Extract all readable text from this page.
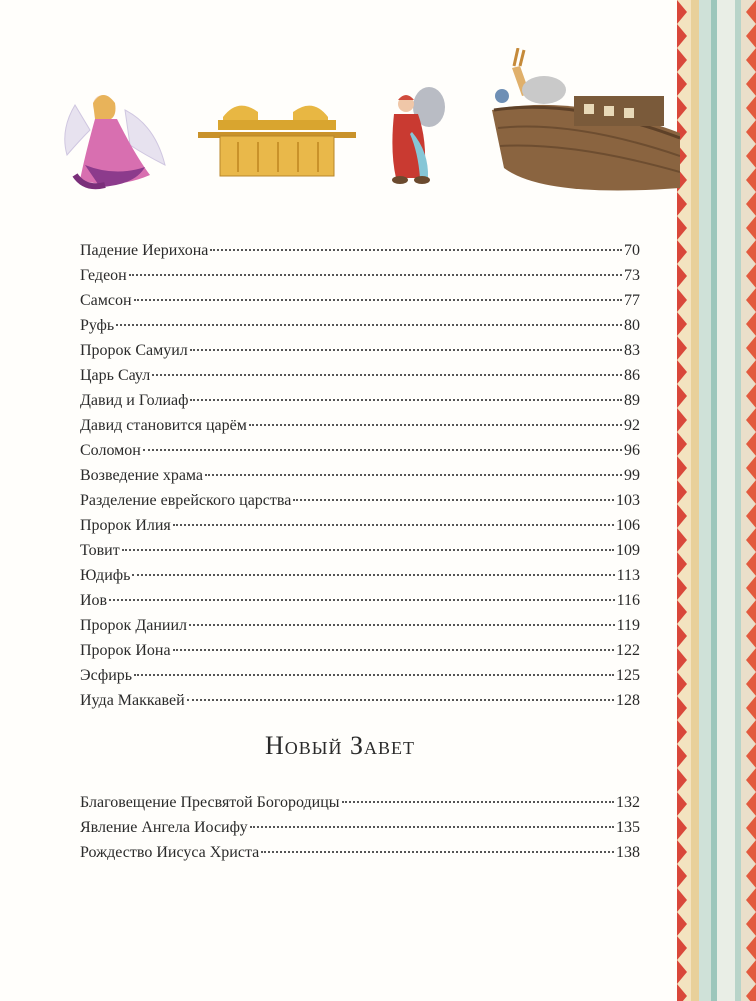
Падение Иерихона	70
Гедеон	73
Самсон	77
Руфь	80
Пророк Самуил	83
Царь Саул	86
Давид и Голиаф	89
Давид становится царём	92
Соломон	96
Возведение храма	99
Разделение еврейского царства	103
Пророк Илия	106
Товит	109
Юдифь	113
Иов	116
Пророк Даниил	119
Пророк Иона	122
Эсфирь	125
Иуда Маккавей	128
Новый Завет
Благовещение Пресвятой Богородицы	132
Явление Ангела Иосифу	135
Рождество Иисуса Христа	138
